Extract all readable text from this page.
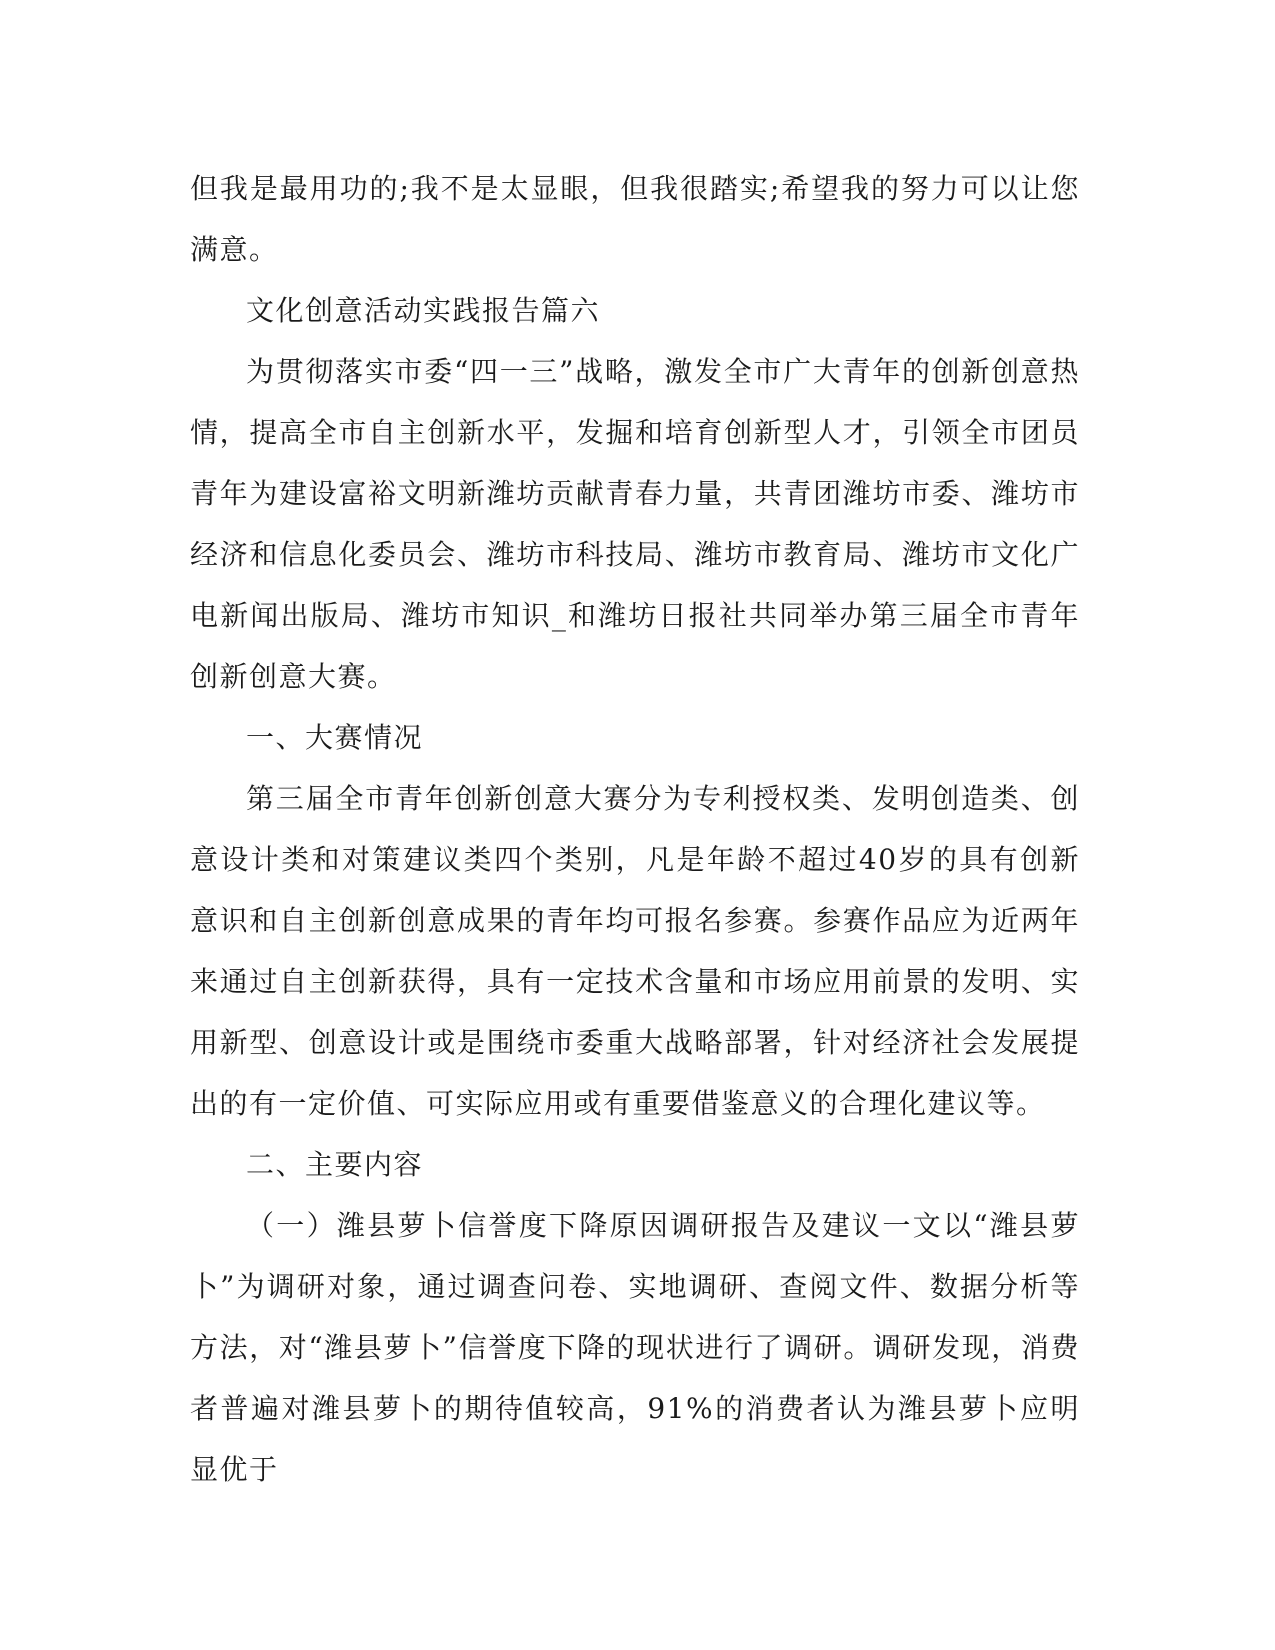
但我是最用功的;我不是太显眼，但我很踏实;希望我的努力可以让您满意。

文化创意活动实践报告篇六

为贯彻落实市委“四一三”战略，激发全市广大青年的创新创意热情，提高全市自主创新水平，发掘和培育创新型人才，引领全市团员青年为建设富裕文明新潍坊贡献青春力量，共青团潍坊市委、潍坊市经济和信息化委员会、潍坊市科技局、潍坊市教育局、潍坊市文化广电新闻出版局、潍坊市知识_和潍坊日报社共同举办第三届全市青年创新创意大赛。

一、大赛情况

第三届全市青年创新创意大赛分为专利授权类、发明创造类、创意设计类和对策建议类四个类别，凡是年龄不超过40岁的具有创新意识和自主创新创意成果的青年均可报名参赛。参赛作品应为近两年来通过自主创新获得，具有一定技术含量和市场应用前景的发明、实用新型、创意设计或是围绕市委重大战略部署，针对经济社会发展提出的有一定价值、可实际应用或有重要借鉴意义的合理化建议等。

二、主要内容

（一）潍县萝卜信誉度下降原因调研报告及建议一文以“潍县萝卜”为调研对象，通过调查问卷、实地调研、查阅文件、数据分析等方法，对“潍县萝卜”信誉度下降的现状进行了调研。调研发现，消费者普遍对潍县萝卜的期待值较高，91%的消费者认为潍县萝卜应明显优于
